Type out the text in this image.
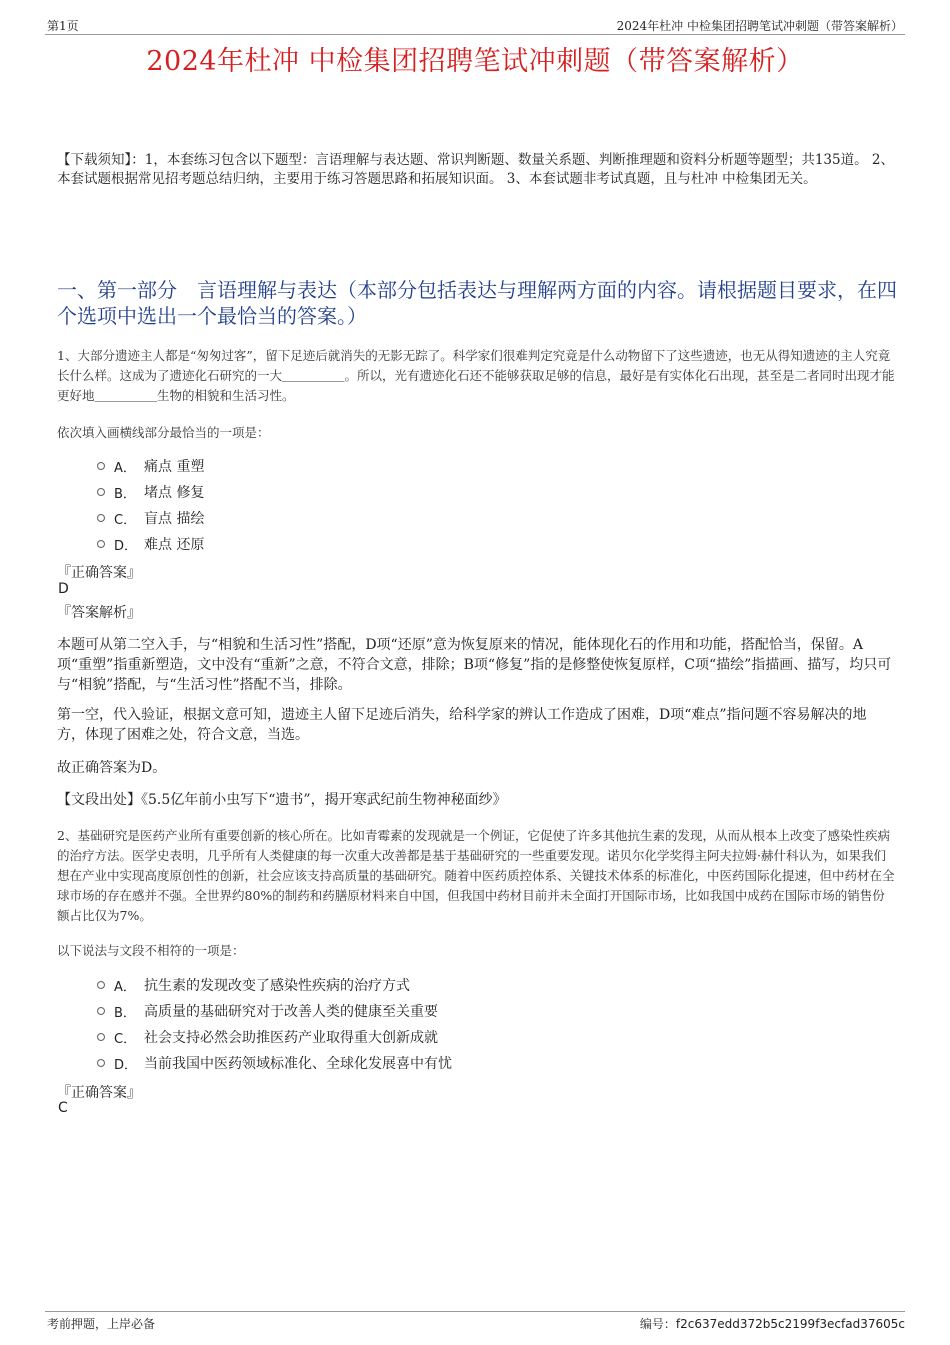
第1页	2024年杜冲 中检集团招聘笔试冲刺题（带答案解析）
2024年杜冲 中检集团招聘笔试冲刺题（带答案解析）
【下载须知】：1，本套练习包含以下题型：言语理解与表达题、常识判断题、数量关系题、判断推理题和资料分析题等题型；共135道。 2、本套试题根据常见招考题总结归纳，主要用于练习答题思路和拓展知识面。 3、本套试题非考试真题，且与杜冲 中检集团无关。
一、第一部分　言语理解与表达（本部分包括表达与理解两方面的内容。请根据题目要求，在四个选项中选出一个最恰当的答案。）
1、大部分遗迹主人都是“匆匆过客”，留下足迹后就消失的无影无踪了。科学家们很难判定究竟是什么动物留下了这些遗迹，也无从得知遗迹的主人究竟长什么样。这成为了遗迹化石研究的一大＿＿＿＿＿。所以，光有遗迹化石还不能够获取足够的信息，最好是有实体化石出现，甚至是二者同时出现才能更好地＿＿＿＿＿生物的相貌和生活习性。
依次填入画横线部分最恰当的一项是：
A． 痛点 重塑
B． 堵点 修复
C． 盲点 描绘
D． 难点 还原
『正确答案』
D
『答案解析』
本题可从第二空入手，与“相貌和生活习性”搭配，D项“还原”意为恢复原来的情况，能体现化石的作用和功能，搭配恰当，保留。A项“重塑”指重新塑造，文中没有“重新”之意，不符合文意，排除；B项“修复”指的是修整使恢复原样，C项“描绘”指描画、描写，均只可与“相貌”搭配，与“生活习性”搭配不当，排除。
第一空，代入验证，根据文意可知，遗迹主人留下足迹后消失，给科学家的辨认工作造成了困难，D项“难点”指问题不容易解决的地方，体现了困难之处，符合文意，当选。
故正确答案为D。
【文段出处】《5.5亿年前小虫写下“遗书”，揭开寒武纪前生物神秘面纱》
2、基础研究是医药产业所有重要创新的核心所在。比如青霉素的发现就是一个例证，它促使了许多其他抗生素的发现，从而从根本上改变了感染性疾病的治疗方法。医学史表明，几乎所有人类健康的每一次重大改善都是基于基础研究的一些重要发现。诺贝尔化学奖得主阿夫拉姆·赫什科认为，如果我们想在产业中实现高度原创性的创新，社会应该支持高质量的基础研究。随着中医药质控体系、关键技术体系的标准化，中医药国际化提速，但中药材在全球市场的存在感并不强。全世界约80%的制药和药膳原材料来自中国，但我国中药材目前并未全面打开国际市场，比如我国中成药在国际市场的销售份额占比仅为7%。
以下说法与文段不相符的一项是：
A． 抗生素的发现改变了感染性疾病的治疗方式
B． 高质量的基础研究对于改善人类的健康至关重要
C． 社会支持必然会助推医药产业取得重大创新成就
D． 当前我国中医药领域标准化、全球化发展喜中有忧
『正确答案』
C
考前押题，上岸必备	编号：f2c637edd372b5c2199f3ecfad37605c
